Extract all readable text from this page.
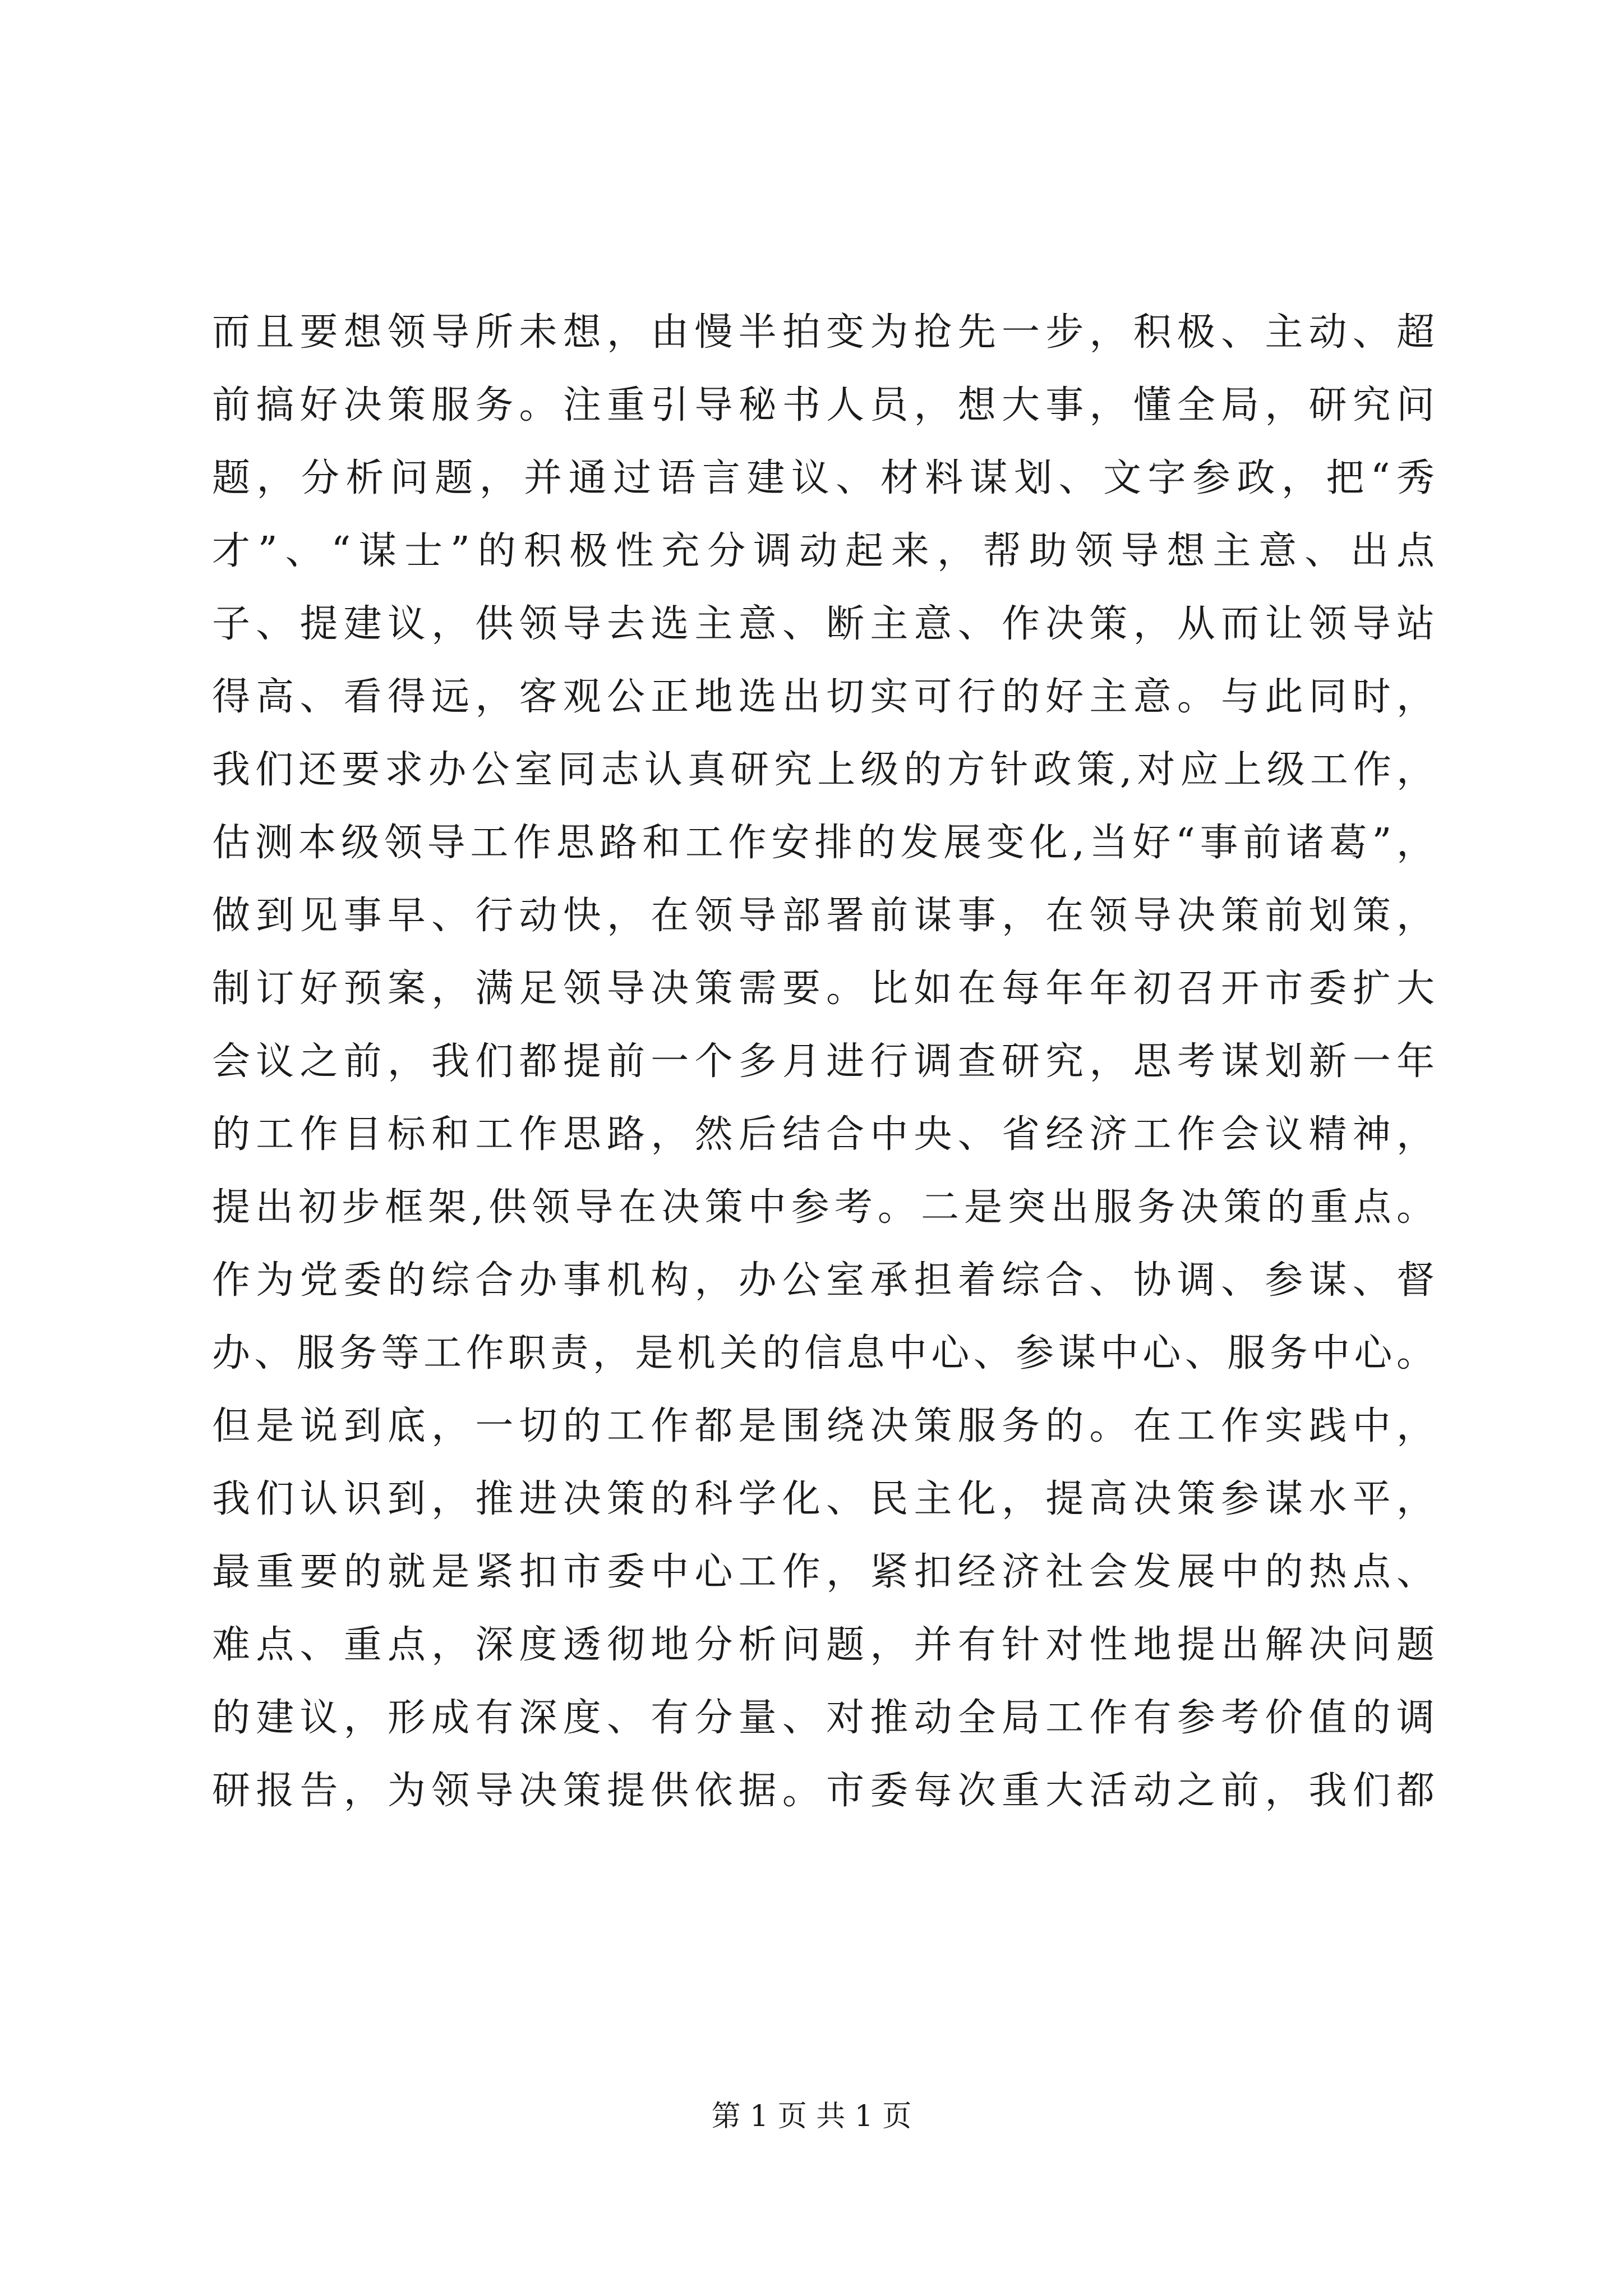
而且要想领导所未想，由慢半拍变为抢先一步，积极、主动、超
前搞好决策服务。注重引导秘书人员，想大事，懂全局，研究问
题，分析问题，并通过语言建议、材料谋划、文字参政，把“秀
才”、“谋士”的积极性充分调动起来，帮助领导想主意、出点
子、提建议，供领导去选主意、断主意、作决策，从而让领导站
得高、看得远，客观公正地选出切实可行的好主意。与此同时，
我们还要求办公室同志认真研究上级的方针政策,对应上级工作，
估测本级领导工作思路和工作安排的发展变化,当好“事前诸葛”，
做到见事早、行动快，在领导部署前谋事，在领导决策前划策，
制订好预案，满足领导决策需要。比如在每年年初召开市委扩大
会议之前，我们都提前一个多月进行调查研究，思考谋划新一年
的工作目标和工作思路，然后结合中央、省经济工作会议精神，
提出初步框架,供领导在决策中参考。二是突出服务决策的重点。
作为党委的综合办事机构，办公室承担着综合、协调、参谋、督
办、服务等工作职责，是机关的信息中心、参谋中心、服务中心。
但是说到底，一切的工作都是围绕决策服务的。在工作实践中，
我们认识到，推进决策的科学化、民主化，提高决策参谋水平，
最重要的就是紧扣市委中心工作，紧扣经济社会发展中的热点、
难点、重点，深度透彻地分析问题，并有针对性地提出解决问题
的建议，形成有深度、有分量、对推动全局工作有参考价值的调
研报告，为领导决策提供依据。市委每次重大活动之前，我们都
第 1 页 共 1 页
